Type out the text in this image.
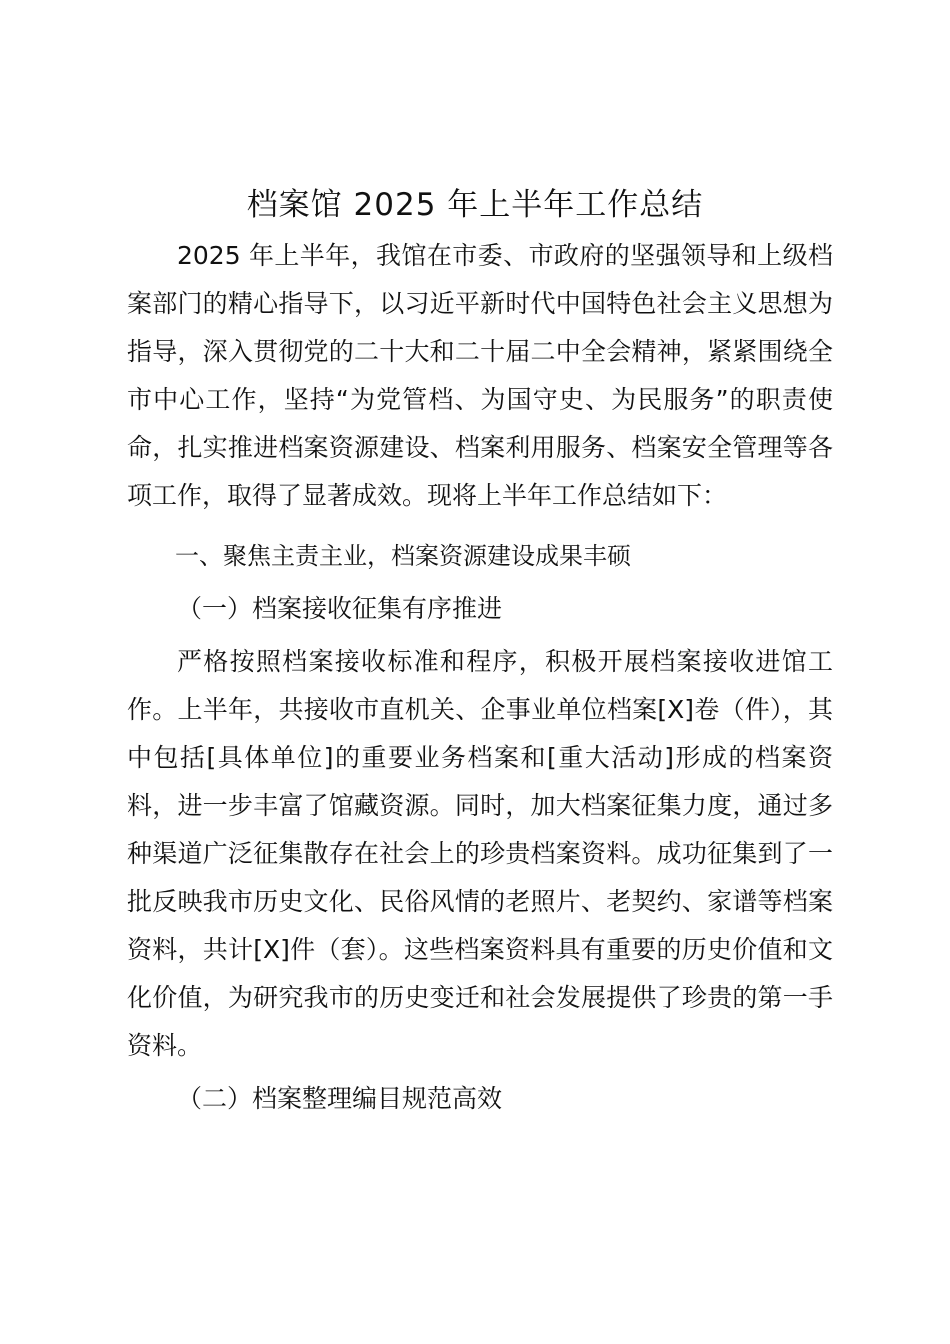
档案馆 2025 年上半年工作总结

2025 年上半年，我馆在市委、市政府的坚强领导和上级档案部门的精心指导下，以习近平新时代中国特色社会主义思想为指导，深入贯彻党的二十大和二十届二中全会精神，紧紧围绕全市中心工作，坚持“为党管档、为国守史、为民服务”的职责使命，扎实推进档案资源建设、档案利用服务、档案安全管理等各项工作，取得了显著成效。现将上半年工作总结如下：

一、聚焦主责主业，档案资源建设成果丰硕

（一）档案接收征集有序推进

严格按照档案接收标准和程序，积极开展档案接收进馆工作。上半年，共接收市直机关、企事业单位档案[X]卷（件），其中包括[具体单位]的重要业务档案和[重大活动]形成的档案资料，进一步丰富了馆藏资源。同时，加大档案征集力度，通过多种渠道广泛征集散存在社会上的珍贵档案资料。成功征集到了一批反映我市历史文化、民俗风情的老照片、老契约、家谱等档案资料，共计[X]件（套）。这些档案资料具有重要的历史价值和文化价值，为研究我市的历史变迁和社会发展提供了珍贵的第一手资料。

（二）档案整理编目规范高效
